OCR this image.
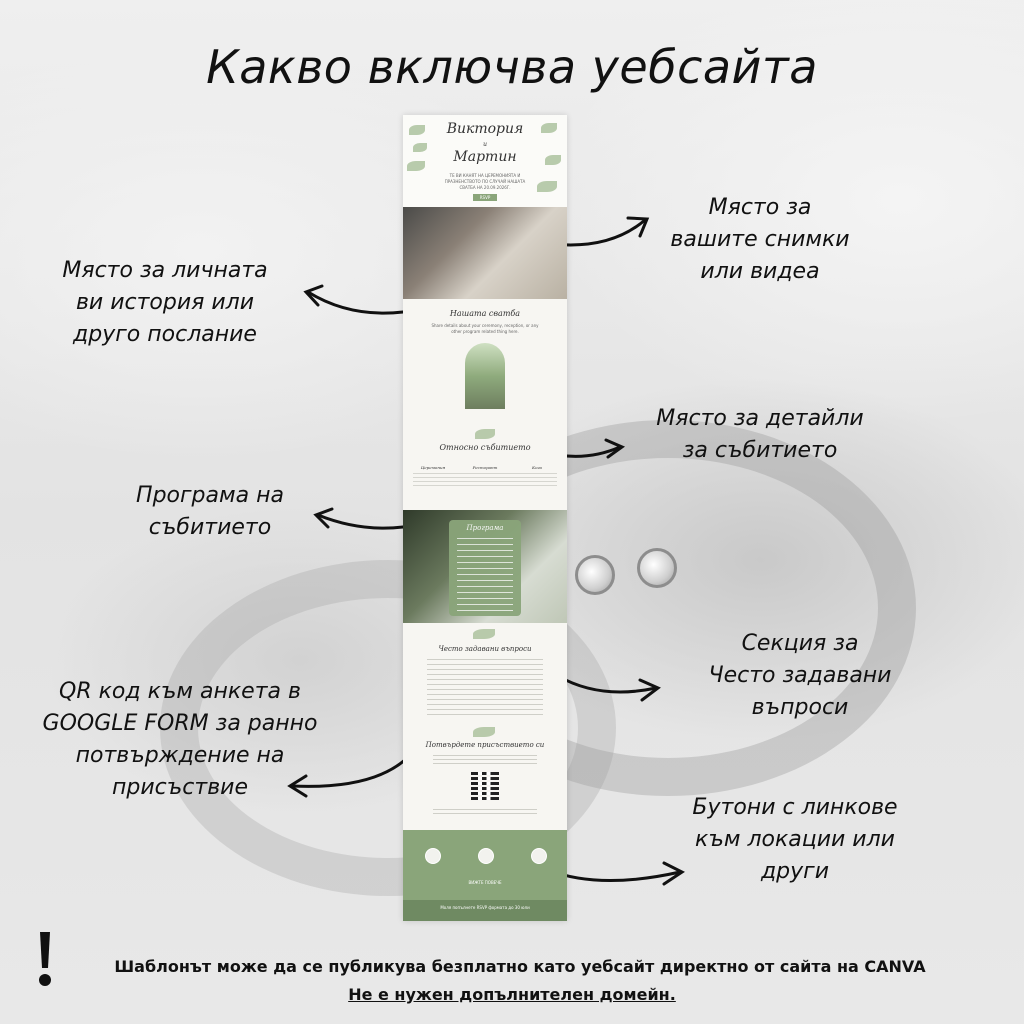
Какво включва уебсайта
Място за
вашите снимки
или видеа
Място за личната
ви история или
друго послание
Място за детайли
за събитието
Програма на
събитието
Секция за
Често задавани
въпроси
QR код към анкета в
GOOGLE FORM за ранно
потвърждение на
присъствие
Бутони с линкове
към локации или
други
Виктория
и
Мартин
ТЕ ВИ КАНЯТ НА ЦЕРЕМОНИЯТА И ПРАЗНЕНСТВОТО ПО СЛУЧАЙ НАШАТА СВАТБА НА 20.09.2026Г.
RSVP
Нашата сватба
Share details about your ceremony, reception, or any other program related thing here.
Относно събитието
Церемония	Ресторант	Кога
Програма
Често задавани въпроси
Потвърдете присъствието си
ВИЖТЕ ПОВЕЧЕ
Моля попълнете RSVP формата до 30 юли
Шаблонът може да се публикува безплатно като уебсайт директно от сайта на CANVA
Не е нужен допълнителен домейн.
